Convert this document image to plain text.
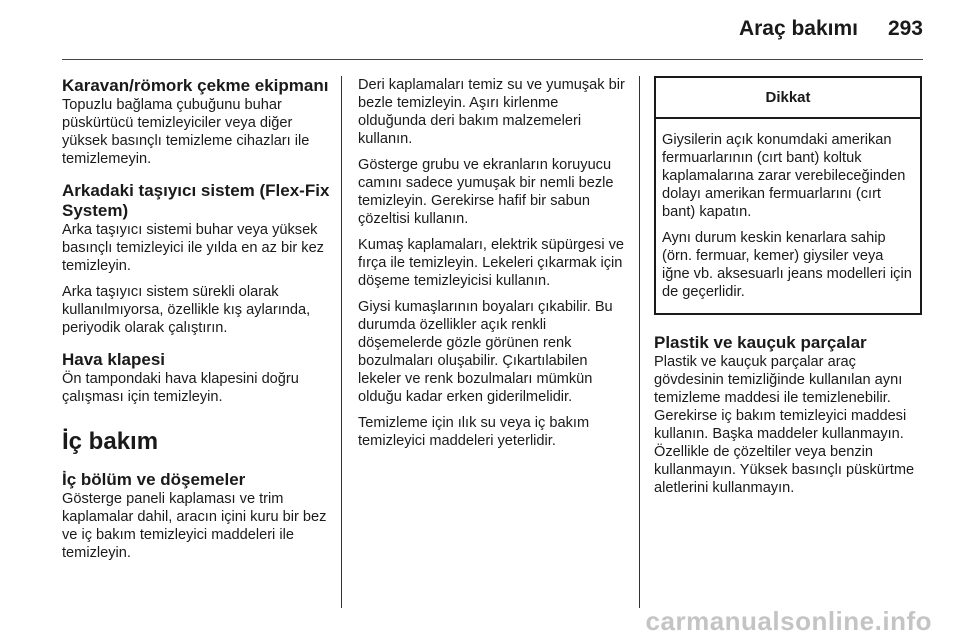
Araç bakımı 293
Karavan/römork çekme ekipmanı

Topuzlu bağlama çubuğunu buhar püskürtücü temizleyiciler veya diğer yüksek basınçlı temizleme cihazları ile temizlemeyin.

Arkadaki taşıyıcı sistem (Flex-Fix System)

Arka taşıyıcı sistemi buhar veya yüksek basınçlı temizleyici ile yılda en az bir kez temizleyin.

Arka taşıyıcı sistem sürekli olarak kullanılmıyorsa, özellikle kış aylarında, periyodik olarak çalıştırın.

Hava klapesi

Ön tampondaki hava klapesini doğru çalışması için temizleyin.

İç bakım
İç bölüm ve döşemeler

Gösterge paneli kaplaması ve trim kaplamalar dahil, aracın içini kuru bir bez ve iç bakım temizleyici maddeleri ile temizleyin.

Deri kaplamaları temiz su ve yumuşak bir bezle temizleyin. Aşırı kirlenme olduğunda deri bakım malzemeleri kullanın.

Gösterge grubu ve ekranların koruyucu camını sadece yumuşak bir nemli bezle temizleyin. Gerekirse hafif bir sabun çözeltisi kullanın.

Kumaş kaplamaları, elektrik süpürgesi ve fırça ile temizleyin. Lekeleri çıkarmak için döşeme temizleyicisi kullanın.

Giysi kumaşlarının boyaları çıkabilir. Bu durumda özellikler açık renkli döşemelerde gözle görünen renk bozulmaları oluşabilir. Çıkartılabilen lekeler ve renk bozulmaları mümkün olduğu kadar erken giderilmelidir.

Temizleme için ılık su veya iç bakım temizleyici maddeleri yeterlidir.

Dikkat

Giysilerin açık konumdaki amerikan fermuarlarının (cırt bant) koltuk kaplamalarına zarar verebileceğinden dolayı amerikan fermuarlarını (cırt bant) kapatın.

Aynı durum keskin kenarlara sahip (örn. fermuar, kemer) giysiler veya iğne vb. aksesuarlı jeans modelleri için de geçerlidir.

Plastik ve kauçuk parçalar

Plastik ve kauçuk parçalar araç gövdesinin temizliğinde kullanılan aynı temizleme maddesi ile temizlenebilir. Gerekirse iç bakım temizleyici maddesi kullanın. Başka maddeler kullanmayın. Özellikle de çözeltiler veya benzin kullanmayın. Yüksek basınçlı püskürtme aletlerini kullanmayın.

carmanualsonline.info
